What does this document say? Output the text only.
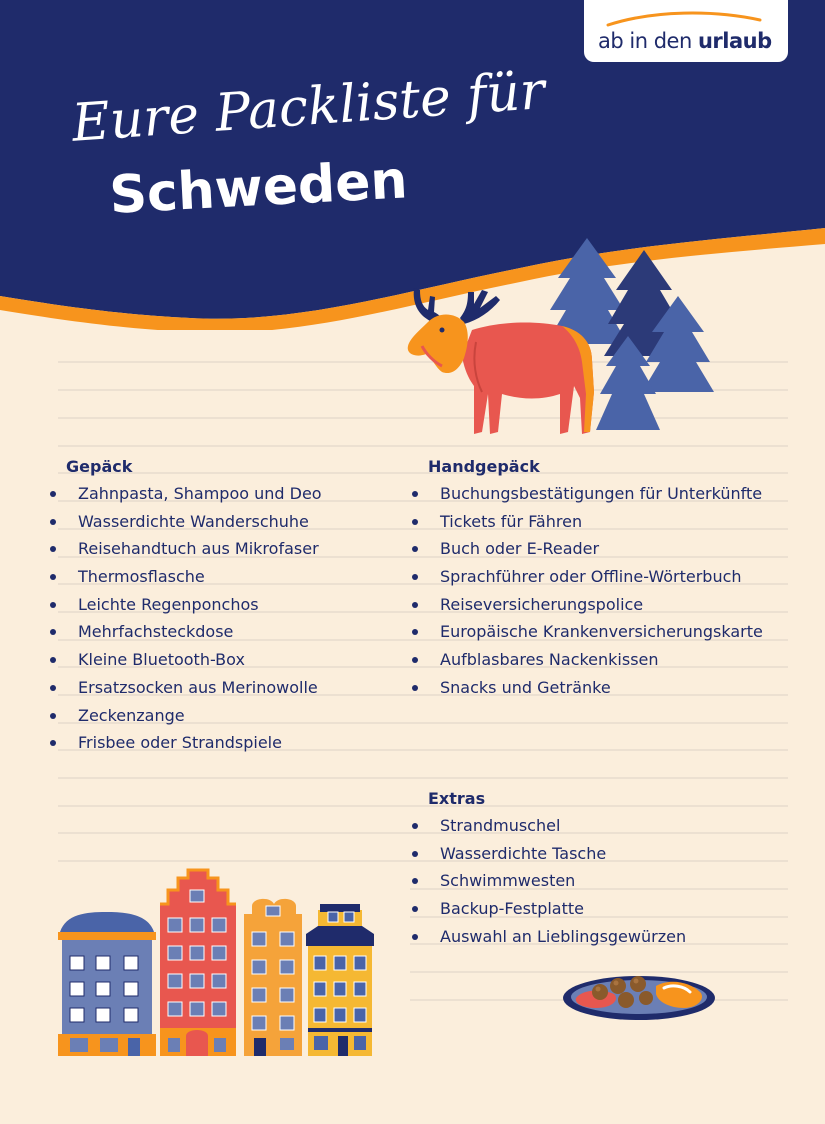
ab in den urlaub
Eure Packliste für
Schweden
Gepäck
Zahnpasta, Shampoo und Deo
Wasserdichte Wanderschuhe
Reisehandtuch aus Mikrofaser
Thermosflasche
Leichte Regenponchos
Mehrfachsteckdose
Kleine Bluetooth-Box
Ersatzsocken aus Merinowolle
Zeckenzange
Frisbee oder Strandspiele
Handgepäck
Buchungsbestätigungen für Unterkünfte
Tickets für Fähren
Buch oder E-Reader
Sprachführer oder Offline-Wörterbuch
Reiseversicherungspolice
Europäische Krankenversicherungskarte
Aufblasbares Nackenkissen
Snacks und Getränke
Extras
Strandmuschel
Wasserdichte Tasche
Schwimmwesten
Backup-Festplatte
Auswahl an Lieblingsgewürzen
